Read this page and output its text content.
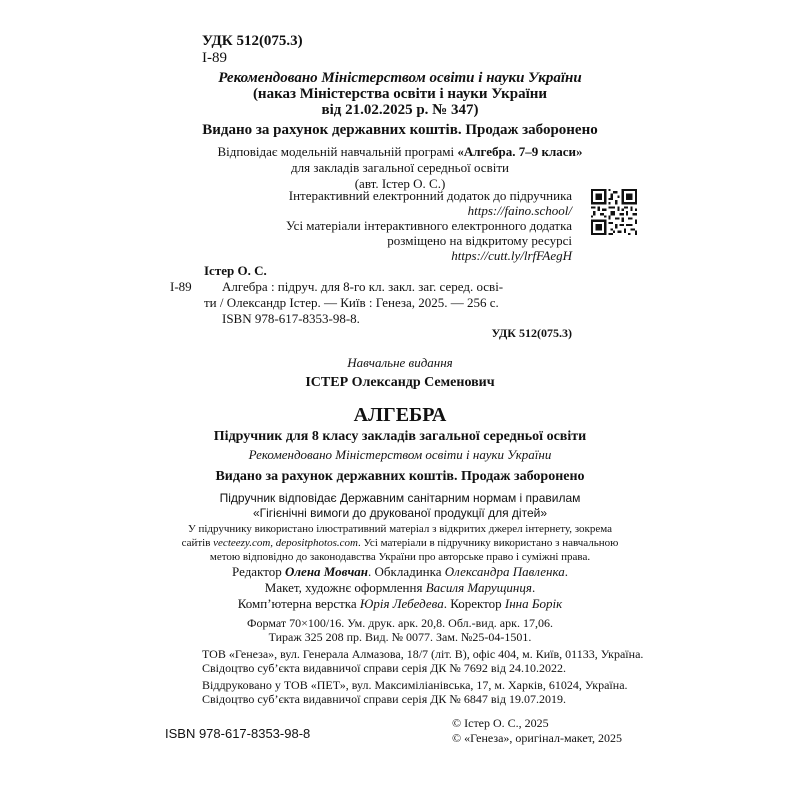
УДК 512(075.3)
І-89
Рекомендовано Міністерством освіти і науки України
(наказ Міністерства освіти і науки України
від 21.02.2025 р. № 347)
Видано за рахунок державних коштів. Продаж заборонено
Відповідає модельній навчальній програмі «Алгебра. 7–9 класи»
для закладів загальної середньої освіти
(авт. Істер О. С.)
Інтерактивний електронний додаток до підручника
https://faino.school/
Усі матеріали інтерактивного електронного додатка
розміщено на відкритому ресурсі
https://cutt.ly/lrfFAegH
Істер О. С.
І-89 Алгебра : підруч. для 8-го кл. закл. заг. серед. осві-
ти / Олександр Істер. — Київ : Генеза, 2025. — 256 с.
ISBN 978-617-8353-98-8.
УДК 512(075.3)
Навчальне видання
ІСТЕР Олександр Семенович
АЛГЕБРА
Підручник для 8 класу закладів загальної середньої освіти
Рекомендовано Міністерством освіти і науки України
Видано за рахунок державних коштів. Продаж заборонено
Підручник відповідає Державним санітарним нормам і правилам
«Гігієнічні вимоги до друкованої продукції для дітей»
У підручнику використано ілюстративний матеріал з відкритих джерел інтернету, зокрема
сайтів vecteezy.com, depositphotos.com. Усі матеріали в підручнику використано з навчальною
метою відповідно до законодавства України про авторське право і суміжні права.
Редактор Олена Мовчан. Обкладинка Олександра Павленка.
Макет, художнє оформлення Василя Марущинця.
Комп’ютерна верстка Юрія Лебедева. Коректор Інна Борік
Формат 70×100/16. Ум. друк. арк. 20,8. Обл.-вид. арк. 17,06.
Тираж 325 208 пр. Вид. № 0077. Зам. №25-04-1501.
ТОВ «Генеза», вул. Генерала Алмазова, 18/7 (літ. В), офіс 404, м. Київ, 01133, Україна.
Свідоцтво суб’єкта видавничої справи серія ДК № 7692 від 24.10.2022.
Віддруковано у ТОВ «ПЕТ», вул. Максиміліанівська, 17, м. Харків, 61024, Україна.
Свідоцтво суб’єкта видавничої справи серія ДК № 6847 від 19.07.2019.
ISBN 978-617-8353-98-8
© Істер О. С., 2025
© «Генеза», оригінал-макет, 2025
